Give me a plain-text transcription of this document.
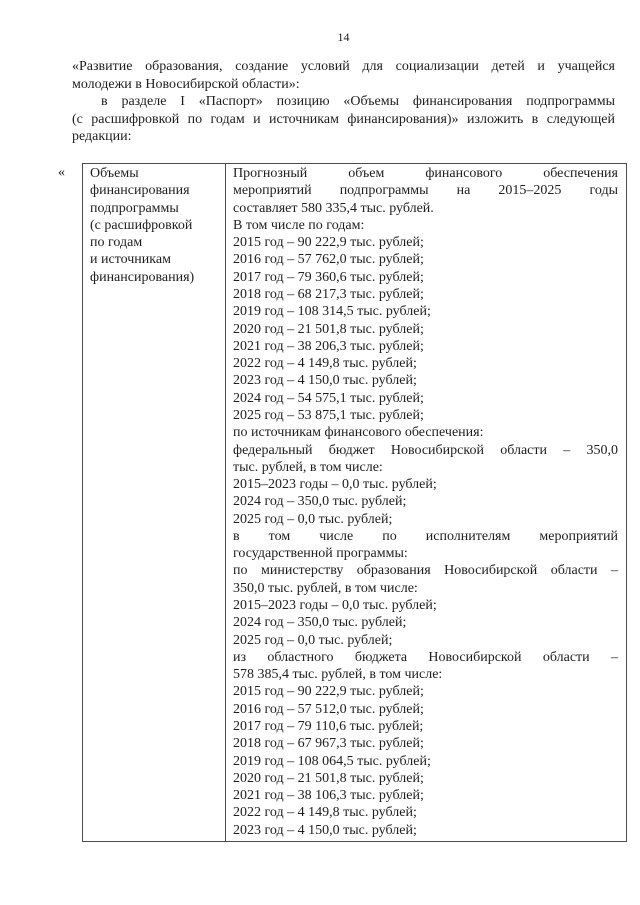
14
«Развитие образования, создание условий для социализации детей и учащейся
молодежи в Новосибирской области»:
в разделе I «Паспорт» позицию «Объемы финансирования подпрограммы
(с расшифровкой по годам и источникам финансирования)» изложить в следующей
редакции:
« Объемы
финансирования
подпрограммы
(с расшифровкой
по годам
и источникам
финансирования)

Прогнозный объем финансового обеспечения
мероприятий подпрограммы на 2015–2025 годы
составляет 580 335,4 тыс. рублей.
В том числе по годам:
2015 год – 90 222,9 тыс. рублей;
2016 год – 57 762,0 тыс. рублей;
2017 год – 79 360,6 тыс. рублей;
2018 год – 68 217,3 тыс. рублей;
2019 год – 108 314,5 тыс. рублей;
2020 год – 21 501,8 тыс. рублей;
2021 год – 38 206,3 тыс. рублей;
2022 год – 4 149,8 тыс. рублей;
2023 год – 4 150,0 тыс. рублей;
2024 год – 54 575,1 тыс. рублей;
2025 год – 53 875,1 тыс. рублей;
по источникам финансового обеспечения:
федеральный бюджет Новосибирской области – 350,0
тыс. рублей, в том числе:
2015–2023 годы – 0,0 тыс. рублей;
2024 год – 350,0 тыс. рублей;
2025 год – 0,0 тыс. рублей;
в том числе по исполнителям мероприятий
государственной программы:
по министерству образования Новосибирской области –
350,0 тыс. рублей, в том числе:
2015–2023 годы – 0,0 тыс. рублей;
2024 год – 350,0 тыс. рублей;
2025 год – 0,0 тыс. рублей;
из областного бюджета Новосибирской области –
578 385,4 тыс. рублей, в том числе:
2015 год – 90 222,9 тыс. рублей;
2016 год – 57 512,0 тыс. рублей;
2017 год – 79 110,6 тыс. рублей;
2018 год – 67 967,3 тыс. рублей;
2019 год – 108 064,5 тыс. рублей;
2020 год – 21 501,8 тыс. рублей;
2021 год – 38 106,3 тыс. рублей;
2022 год – 4 149,8 тыс. рублей;
2023 год – 4 150,0 тыс. рублей;
